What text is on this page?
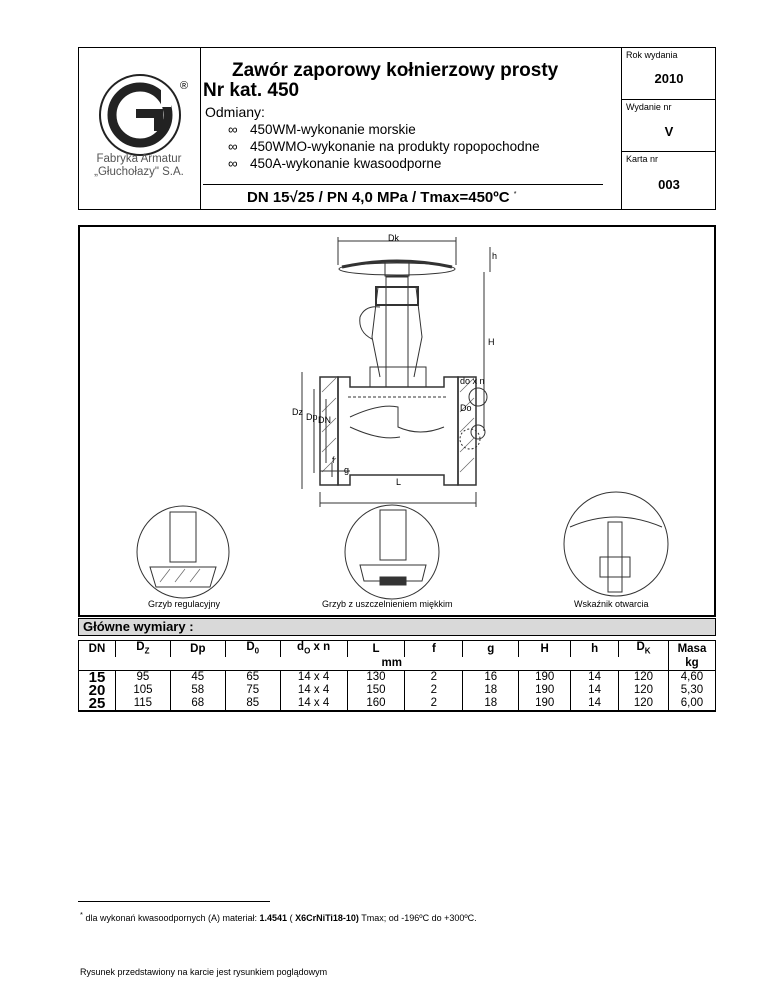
®
Fabryka Armatur
„Głuchołazy" S.A.
Zawór zaporowy kołnierzowy prosty
Nr kat. 450
Odmiany:
∞ 450WM-wykonanie morskie
∞ 450WMO-wykonanie na produkty ropopochodne
∞ 450A-wykonanie kwasoodporne
DN 15√25 / PN 4,0 MPa / Tmax=450ºC *
Rok wydania
2010
Wydanie nr
V
Karta nr
003
Dk
h
H
Dz Dp DN
do x n
Do
f
g
L
Grzyb regulacyjny	Grzyb z uszczelnieniem miękkim	Wskaźnik otwarcia
Główne wymiary :
DN	$D_Z$	Dp	$D_0$	$d_O$ x n	L	f	g	H	h	$D_K$	Masa
	mm										kg
15	95	45	65	14 x 4	130	2	16	190	14	120	4,60
20	105	58	75	14 x 4	150	2	18	190	14	120	5,30
25	115	68	85	14 x 4	160	2	18	190	14	120	6,00
* dla wykonań kwasoodpornych (A) materiał: 1.4541 ( X6CrNiTi18-10) Tmax; od -196ºC do +300ºC.
Rysunek przedstawiony na karcie jest rysunkiem poglądowym
